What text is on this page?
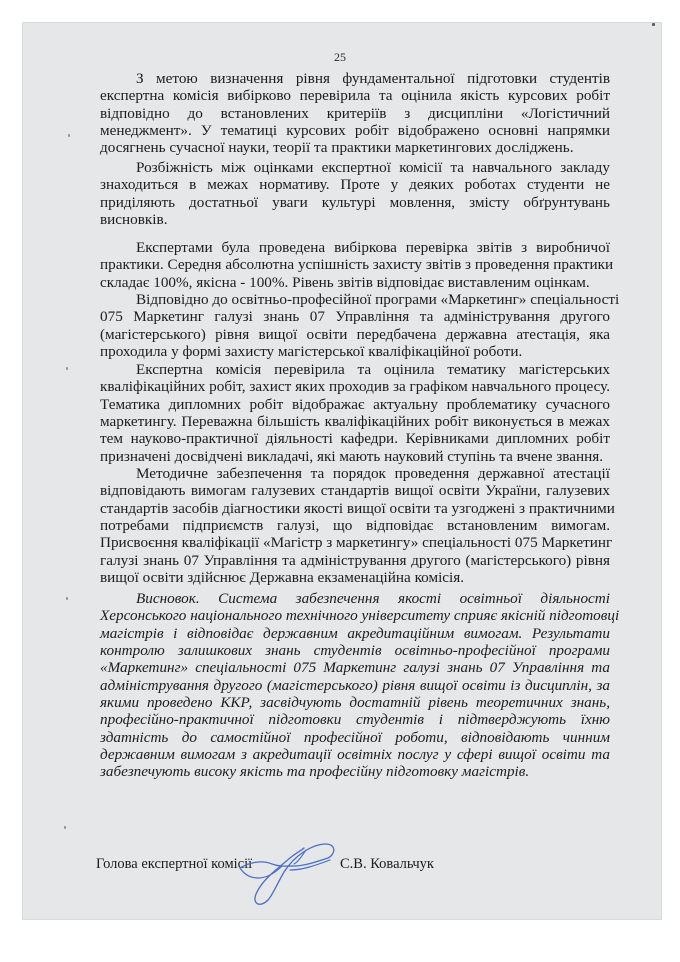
25
З метою визначення рівня фундаментальної підготовки студентів
експертна комісія вибірково перевірила та оцінила якість курсових робіт
відповідно до встановлених критеріїв з дисципліни «Логістичний
менеджмент». У тематиці курсових робіт відображено основні напрямки
досягнень сучасної науки, теорії та практики маркетингових досліджень.
Розбіжність між оцінками експертної комісії та навчального закладу
знаходиться в межах нормативу. Проте у деяких роботах студенти не
приділяють достатньої уваги культурі мовлення, змісту обґрунтувань
висновків.
Експертами була проведена вибіркова перевірка звітів з виробничої
практики. Середня абсолютна успішність захисту звітів з проведення практики
складає 100%, якісна - 100%. Рівень звітів відповідає виставленим оцінкам.
Відповідно до освітньо-професійної програми «Маркетинг» спеціальності
075 Маркетинг галузі знань 07 Управління та адміністрування другого
(магістерського) рівня вищої освіти передбачена державна атестація, яка
проходила у формі захисту магістерської кваліфікаційної роботи.
Експертна комісія перевірила та оцінила тематику магістерських
кваліфікаційних робіт, захист яких проходив за графіком навчального процесу.
Тематика дипломних робіт відображає актуальну проблематику сучасного
маркетингу. Переважна більшість кваліфікаційних робіт виконується в межах
тем науково-практичної діяльності кафедри. Керівниками дипломних робіт
призначені досвідчені викладачі, які мають науковий ступінь та вчене звання.
Методичне забезпечення та порядок проведення державної атестації
відповідають вимогам галузевих стандартів вищої освіти України, галузевих
стандартів засобів діагностики якості вищої освіти та узгоджені з практичними
потребами підприємств галузі, що відповідає встановленим вимогам.
Присвоєння кваліфікації «Магістр з маркетингу» спеціальності 075 Маркетинг
галузі знань 07 Управління та адміністрування другого (магістерського) рівня
вищої освіти здійснює Державна екзаменаційна комісія.
Висновок. Система забезпечення якості освітньої діяльності
Херсонського національного технічного університету сприяє якісній підготовці
магістрів і відповідає державним акредитаційним вимогам. Результати
контролю залишкових знань студентів освітньо-професійної програми
«Маркетинг» спеціальності 075 Маркетинг галузі знань 07 Управління та
адміністрування другого (магістерського) рівня вищої освіти із дисциплін, за
якими проведено ККР, засвідчують достатній рівень теоретичних знань,
професійно-практичної підготовки студентів і підтверджують їхню
здатність до самостійної професійної роботи, відповідають чинним
державним вимогам з акредитації освітніх послуг у сфері вищої освіти та
забезпечують високу якість та професійну підготовку магістрів.
Голова експертної комісії	С.В. Ковальчук
